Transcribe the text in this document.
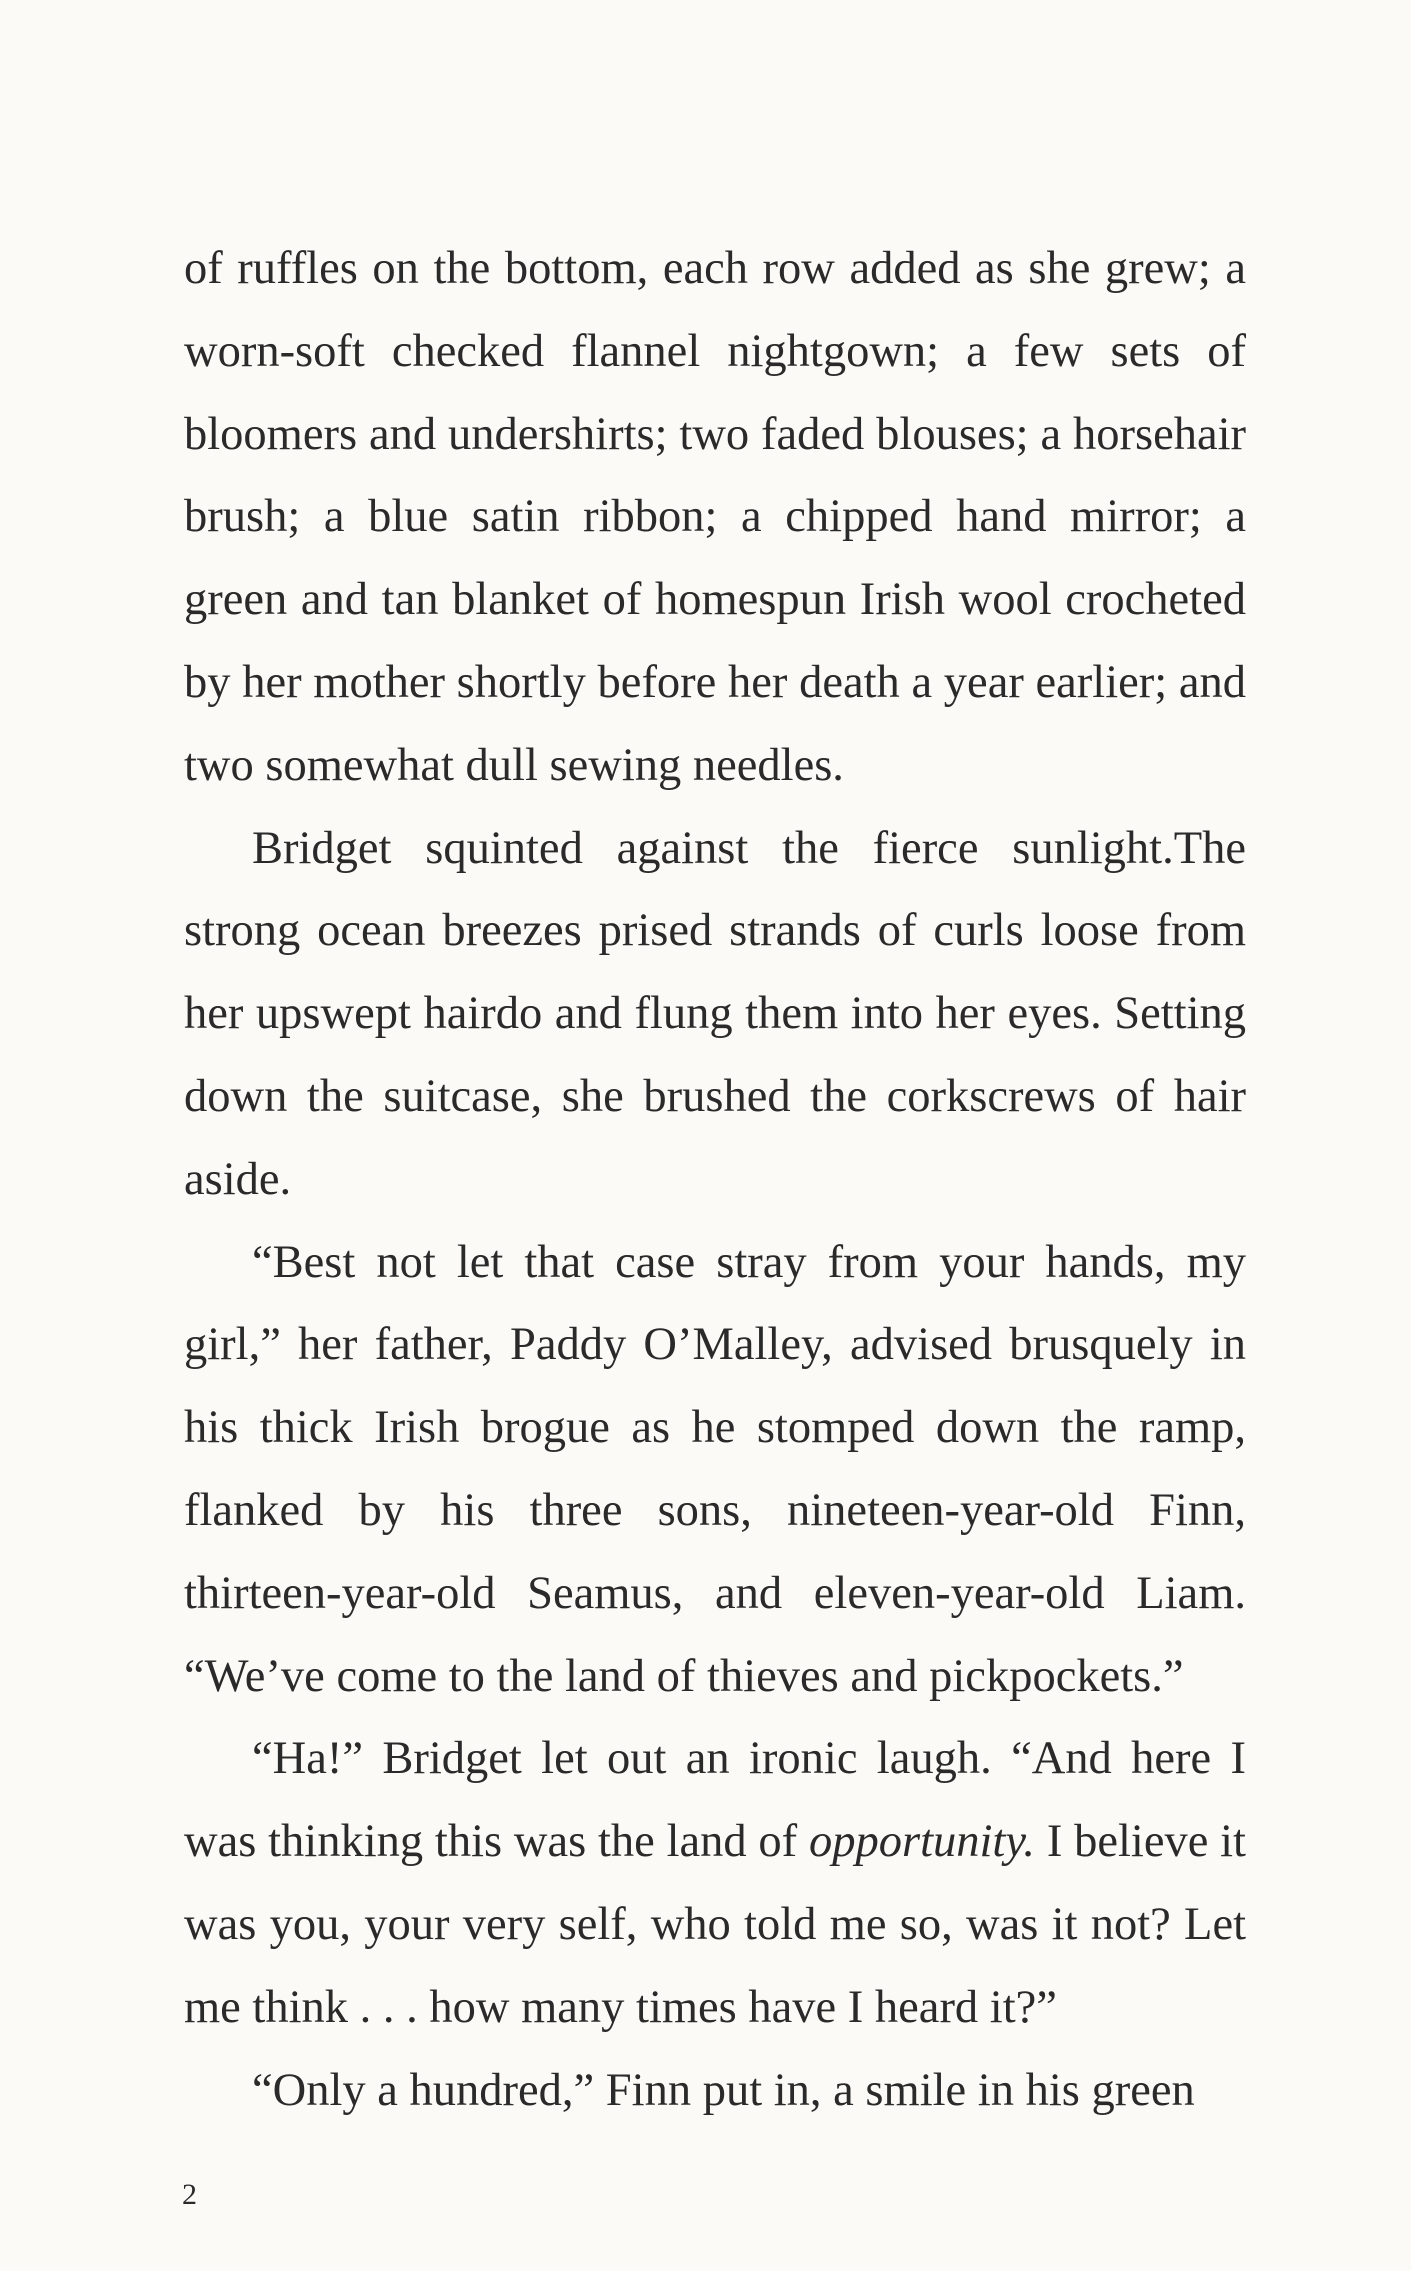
of ruffles on the bottom, each row added as she grew; a worn-soft checked flannel nightgown; a few sets of bloomers and undershirts; two faded blouses; a horsehair brush; a blue satin ribbon; a chipped hand mirror; a green and tan blanket of homespun Irish wool crocheted by her mother shortly before her death a year earlier; and two somewhat dull sewing needles.

Bridget squinted against the fierce sunlight.The strong ocean breezes prised strands of curls loose from her upswept hairdo and flung them into her eyes. Setting down the suitcase, she brushed the corkscrews of hair aside.

“Best not let that case stray from your hands, my girl,” her father, Paddy O’Malley, advised brusquely in his thick Irish brogue as he stomped down the ramp, flanked by his three sons, nineteen-year-old Finn, thirteen-year-old Seamus, and eleven-year-old Liam. “We’ve come to the land of thieves and pickpockets.”

“Ha!” Bridget let out an ironic laugh. “And here I was thinking this was the land of opportunity. I believe it was you, your very self, who told me so, was it not? Let me think . . . how many times have I heard it?”

“Only a hundred,” Finn put in, a smile in his green

2
